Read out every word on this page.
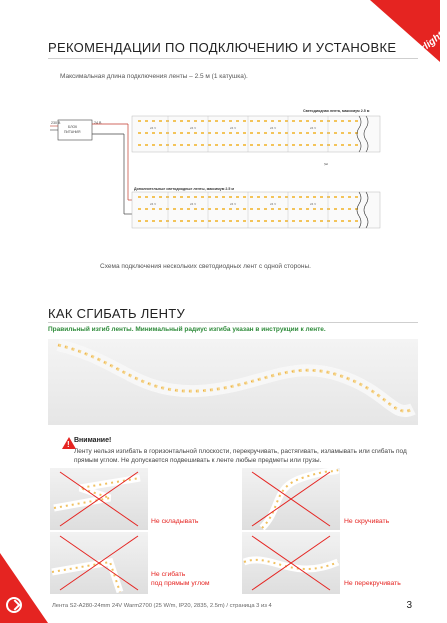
arlight
РЕКОМЕНДАЦИИ ПО ПОДКЛЮЧЕНИЮ И УСТАНОВКЕ
Максимальная длина подключения ленты – 2.5 м (1 катушка).
230 В
БЛОК
ПИТАНИЯ
24 В
Светодиодная лента, максимум 2.5 м
24 V	24 V	24 V	24 V	24 V
✂
Дополнительные светодиодные ленты, максимум 2.5 м
24 V	24 V	24 V	24 V	24 V
Схема подключения нескольких светодиодных лент с одной стороны.
КАК СГИБАТЬ ЛЕНТУ
Правильный изгиб ленты. Минимальный радиус изгиба указан в инструкции к ленте.
! Внимание!
Ленту нельзя изгибать в горизонтальной плоскости, перекручивать, растягивать, изламывать или сгибать под прямым углом. Не допускается подвешивать к ленте любые предметы или грузы.
Не складывать	Не скручивать
Не сгибать
под прямым углом	Не перекручивать
Лента S2-A280-24mm 24V Warm2700 (25 W/m, IP20, 2835, 2.5m) / страница 3 из 4	3
